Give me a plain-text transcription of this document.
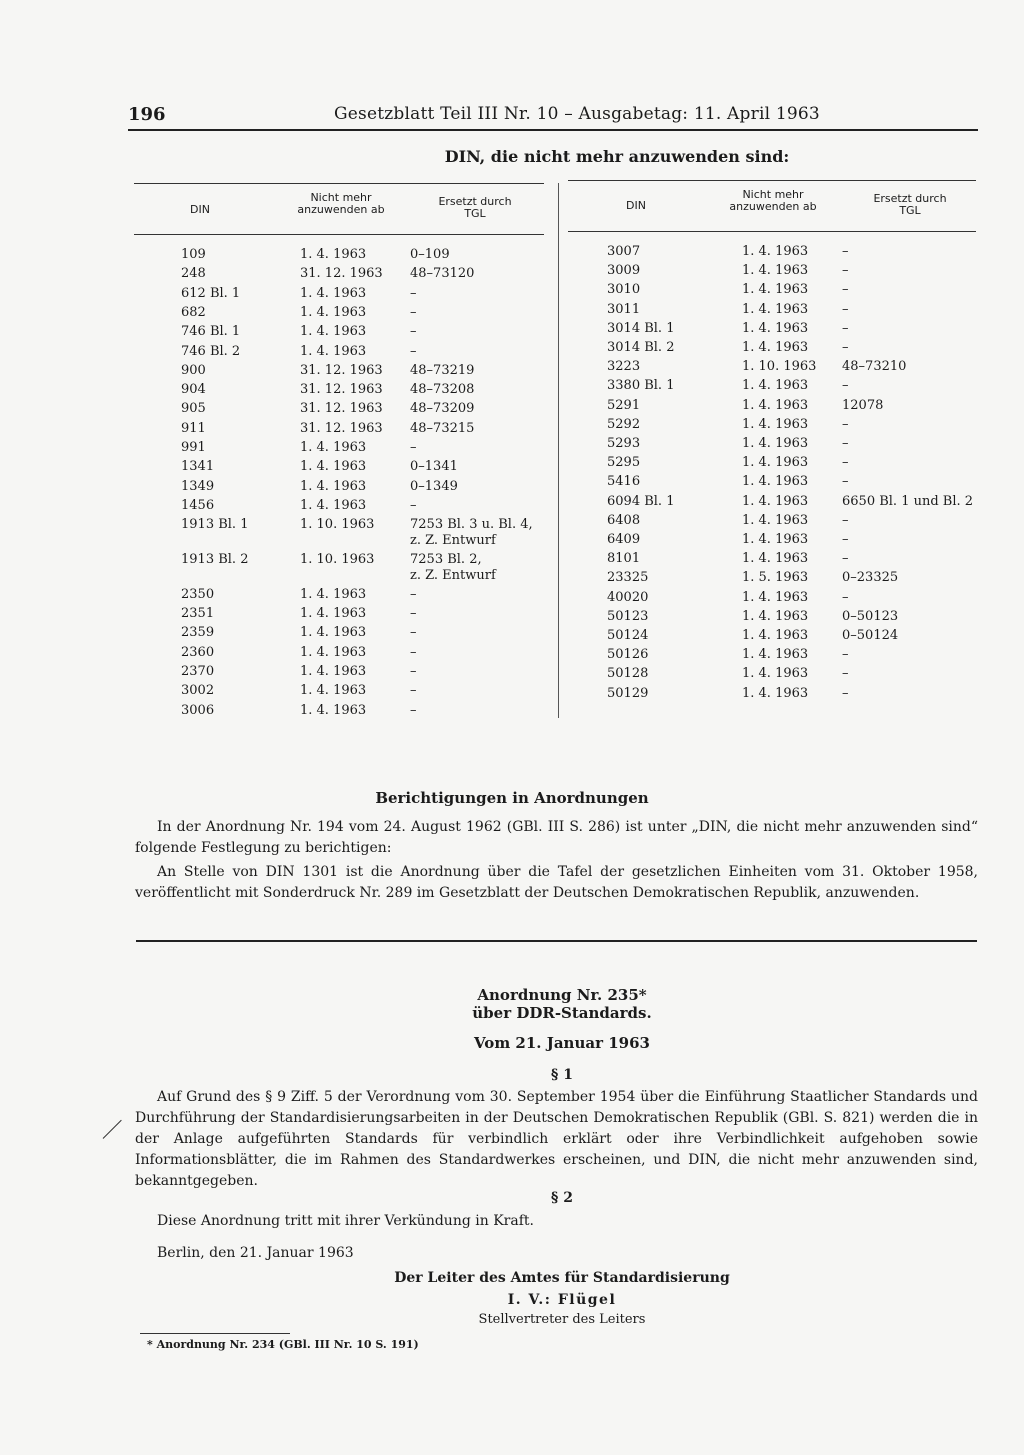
196	Gesetzblatt Teil III Nr. 10 – Ausgabetag: 11. April 1963
DIN, die nicht mehr anzuwenden sind:
DIN
Nicht mehr anzuwenden ab
Ersetzt durch TGL
DIN
Nicht mehr anzuwenden ab
Ersetzt durch TGL
109	1. 4. 1963	0–109
248	31. 12. 1963 48–73120
612 Bl. 1	1. 4. 1963	–
682	1. 4. 1963	–
746 Bl. 1	1. 4. 1963	–
746 Bl. 2	1. 4. 1963	–
900	31. 12. 1963 48–73219
904	31. 12. 1963 48–73208
905	31. 12. 1963 48–73209
911	31. 12. 1963 48–73215
991	1. 4. 1963	–
1341	1. 4. 1963	0–1341
1349	1. 4. 1963	0–1349
1456	1. 4. 1963	–
1913 Bl. 1	1. 10. 1963	7253 Bl. 3 u. Bl. 4,
z. Z. Entwurf
1913 Bl. 2	1. 10. 1963	7253 Bl. 2,
z. Z. Entwurf
2350	1. 4. 1963	–
2351	1. 4. 1963	–
2359	1. 4. 1963	–
2360	1. 4. 1963	–
2370	1. 4. 1963	–
3002	1. 4. 1963	–
3006	1. 4. 1963	–
3007	1. 4. 1963	–
3009	1. 4. 1963	–
3010	1. 4. 1963	–
3011	1. 4. 1963	–
3014 Bl. 1	1. 4. 1963	–
3014 Bl. 2	1. 4. 1963	–
3223	1. 10. 1963 48–73210
3380 Bl. 1	1. 4. 1963	–
5291	1. 4. 1963	12078
5292	1. 4. 1963	–
5293	1. 4. 1963	–
5295	1. 4. 1963	–
5416	1. 4. 1963	–
6094 Bl. 1	1. 4. 1963	6650 Bl. 1 und Bl. 2
6408	1. 4. 1963	–
6409	1. 4. 1963	–
8101	1. 4. 1963	–
23325	1. 5. 1963	0–23325
40020	1. 4. 1963	–
50123	1. 4. 1963	0–50123
50124	1. 4. 1963	0–50124
50126	1. 4. 1963	–
50128	1. 4. 1963	–
50129	1. 4. 1963	–
Berichtigungen in Anordnungen
In der Anordnung Nr. 194 vom 24. August 1962 (GBl. III S. 286) ist unter „DIN, die nicht mehr anzuwenden sind“ folgende Festlegung zu berichtigen:
An Stelle von DIN 1301 ist die Anordnung über die Tafel der gesetzlichen Einheiten vom 31. Oktober 1958, veröffentlicht mit Sonderdruck Nr. 289 im Gesetzblatt der Deutschen Demokratischen Republik, anzuwenden.
Anordnung Nr. 235*
über DDR-Standards.
Vom 21. Januar 1963
§ 1
Auf Grund des § 9 Ziff. 5 der Verordnung vom 30. September 1954 über die Einführung Staatlicher Standards und Durchführung der Standardisierungsarbeiten in der Deutschen Demokratischen Republik (GBl. S. 821) werden die in der Anlage aufgeführten Standards für verbindlich erklärt oder ihre Verbindlichkeit aufgehoben sowie Informationsblätter, die im Rahmen des Standardwerkes erscheinen, und DIN, die nicht mehr anzuwenden sind, bekanntgegeben.
§ 2
Diese Anordnung tritt mit ihrer Verkündung in Kraft.
Berlin, den 21. Januar 1963
Der Leiter des Amtes für Standardisierung
I. V.: Flügel
Stellvertreter des Leiters
* Anordnung Nr. 234 (GBl. III Nr. 10 S. 191)
